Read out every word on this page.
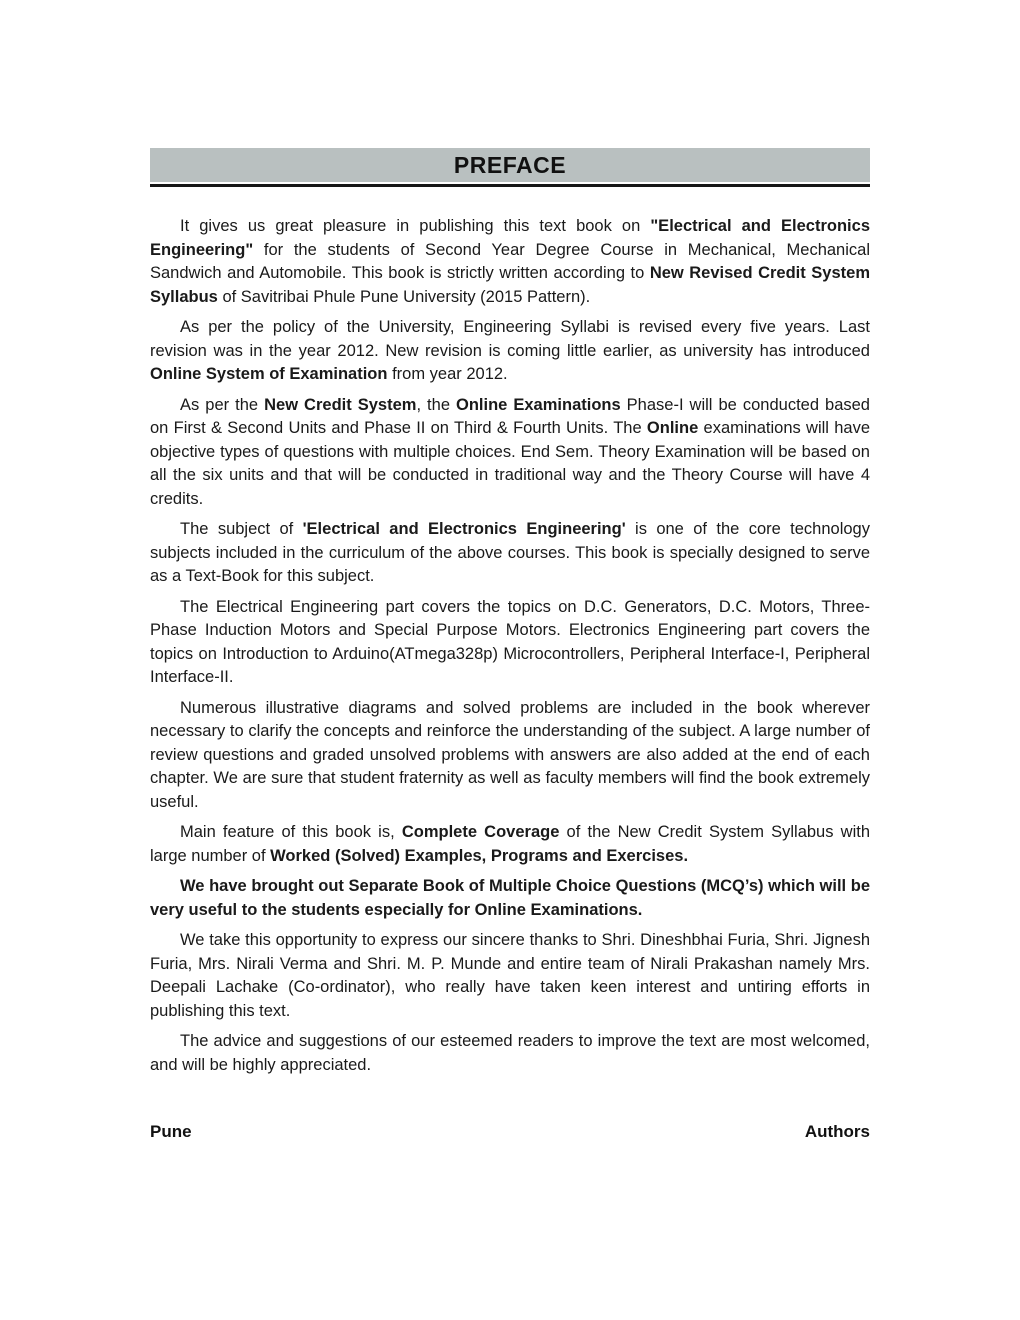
PREFACE

It gives us great pleasure in publishing this text book on "Electrical and Electronics Engineering" for the students of Second Year Degree Course in Mechanical, Mechanical Sandwich and Automobile. This book is strictly written according to New Revised Credit System Syllabus of Savitribai Phule Pune University (2015 Pattern).

As per the policy of the University, Engineering Syllabi is revised every five years. Last revision was in the year 2012. New revision is coming little earlier, as university has introduced Online System of Examination from year 2012.

As per the New Credit System, the Online Examinations Phase-I will be conducted based on First & Second Units and Phase II on Third & Fourth Units. The Online examinations will have objective types of questions with multiple choices. End Sem. Theory Examination will be based on all the six units and that will be conducted in traditional way and the Theory Course will have 4 credits.

The subject of 'Electrical and Electronics Engineering' is one of the core technology subjects included in the curriculum of the above courses. This book is specially designed to serve as a Text-Book for this subject.

The Electrical Engineering part covers the topics on D.C. Generators, D.C. Motors, Three-Phase Induction Motors and Special Purpose Motors. Electronics Engineering part covers the topics on Introduction to Arduino(ATmega328p) Microcontrollers, Peripheral Interface-I, Peripheral Interface-II.

Numerous illustrative diagrams and solved problems are included in the book wherever necessary to clarify the concepts and reinforce the understanding of the subject. A large number of review questions and graded unsolved problems with answers are also added at the end of each chapter. We are sure that student fraternity as well as faculty members will find the book extremely useful.

Main feature of this book is, Complete Coverage of the New Credit System Syllabus with large number of Worked (Solved) Examples, Programs and Exercises.

We have brought out Separate Book of Multiple Choice Questions (MCQ’s) which will be very useful to the students especially for Online Examinations.

We take this opportunity to express our sincere thanks to Shri. Dineshbhai Furia, Shri. Jignesh Furia, Mrs. Nirali Verma and Shri. M. P. Munde and entire team of Nirali Prakashan namely Mrs. Deepali Lachake (Co-ordinator), who really have taken keen interest and untiring efforts in publishing this text.

The advice and suggestions of our esteemed readers to improve the text are most welcomed, and will be highly appreciated.

Pune	Authors
